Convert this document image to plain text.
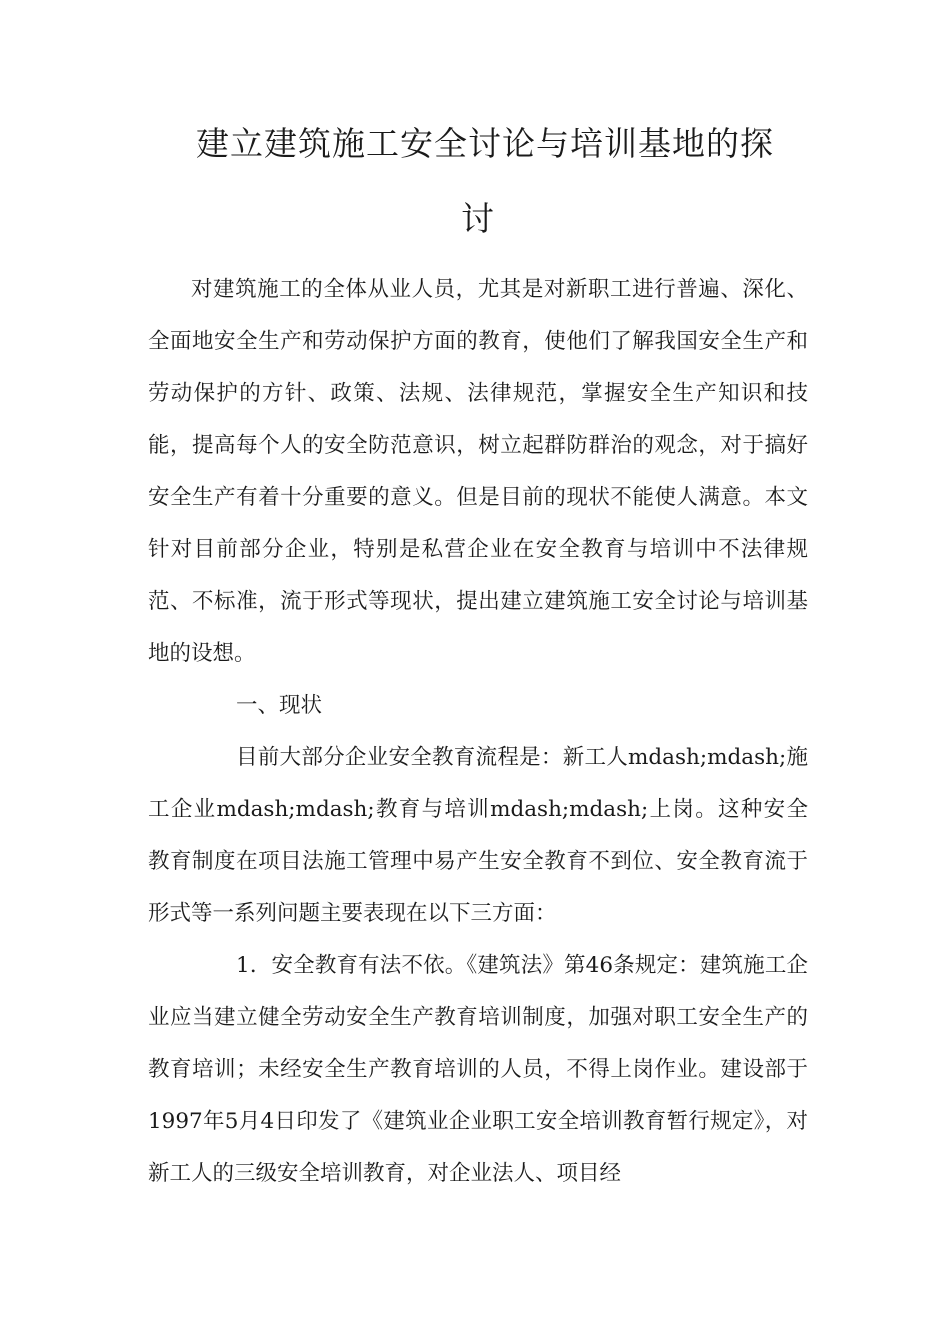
建立建筑施工安全讨论与培训基地的探
讨

对建筑施工的全体从业人员，尤其是对新职工进行普遍、深化、全面地安全生产和劳动保护方面的教育，使他们了解我国安全生产和劳动保护的方针、政策、法规、法律规范，掌握安全生产知识和技能，提高每个人的安全防范意识，树立起群防群治的观念，对于搞好安全生产有着十分重要的意义。但是目前的现状不能使人满意。本文针对目前部分企业，特别是私营企业在安全教育与培训中不法律规范、不标准，流于形式等现状，提出建立建筑施工安全讨论与培训基地的设想。

一、现状

目前大部分企业安全教育流程是：新工人mdash;mdash;施工企业mdash;mdash;教育与培训mdash;mdash;上岗。这种安全教育制度在项目法施工管理中易产生安全教育不到位、安全教育流于形式等一系列问题主要表现在以下三方面：

1．安全教育有法不依。《建筑法》第46条规定：建筑施工企业应当建立健全劳动安全生产教育培训制度，加强对职工安全生产的教育培训；未经安全生产教育培训的人员，不得上岗作业。建设部于1997年5月4日印发了《建筑业企业职工安全培训教育暂行规定》，对新工人的三级安全培训教育，对企业法人、项目经
